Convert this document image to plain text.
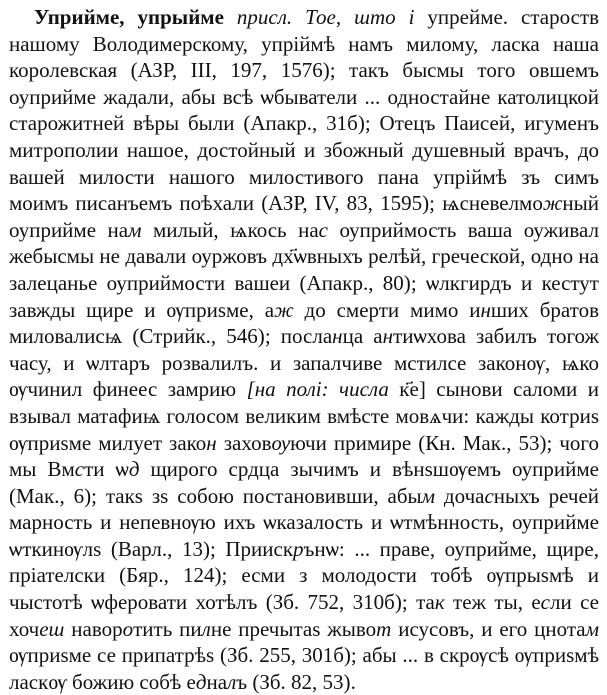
Уприйме, упрыйме присл. Тое, што і упрейме. староств нашому Володимерскому, упріймѣ намъ милому, ласка наша королевская (АЗР, III, 197, 1576); такъ бысмы того овшемъ оуприйме жадали, абы всѣ ѡбыватели ... одностайне католицкой старожитней вѣры были (Апакр., 31б); Отецъ Паисей, игуменъ митрополии нашое, достойный и збожный душевный врачъ, до вашей милости нашого милостивого пана упріймѣ зъ симъ моимъ писанъемъ поѣхали (АЗР, IV, 83, 1595); ѩсневелможный оуприйме нам милый, ѩкось нас оуприймость ваша оуживал жебысмы не давали оуржовъ дх҃ѡвныхъ релѣй, греческой, одно на залецанье оуприймости вашеи (Апакр., 80); ѡлкгирдъ и кестут завжды щире и ѹприѕме, аж до смерти мимо инших братов миловалисѩ (Стрийк., 546); посланца антиѡхова забилъ тогож часу, и ѡлтаръ розвалилъ. и запалчиве мстилсе законѹ, ѩко ѹчинил финеес замрию [на полі: числа к҃е] сынови саломи и взывал матафиѩ голосом великим вмѣсте мовѧчи: кажды котриѕ ѹприѕме милует закон заховѹючи примире (Кн. Мак., 53); чого мы Вмсти ѡд щирого срдца зычимъ и вѣнѕшѹемъ оуприйме (Мак., 6); такѕ зѕ собою постановивши, абым дочасныхъ речей марность и непевнѹю ихъ ѡказалость и ѡтмѣнность, оуприйме ѡткинѹлѕ (Варл., 13); Приискрънѡ: ... праве, оуприйме, щире, пріателски (Бяр., 124); есми з молодости тобѣ ѹпрыѕмѣ и чыстотѣ ѡферовати хотѣлъ (Зб. 752, 310б); так теж ты, если се хочеш наворотить пилне пречытаѕ жывот исусовъ, и его цнотам ѹприѕме се припатрѣѕ (Зб. 255, 301б); абы ... в скрѹсѣ ѹприѕмѣ ласкѹ божию собѣ едналъ (Зб. 82, 53).
